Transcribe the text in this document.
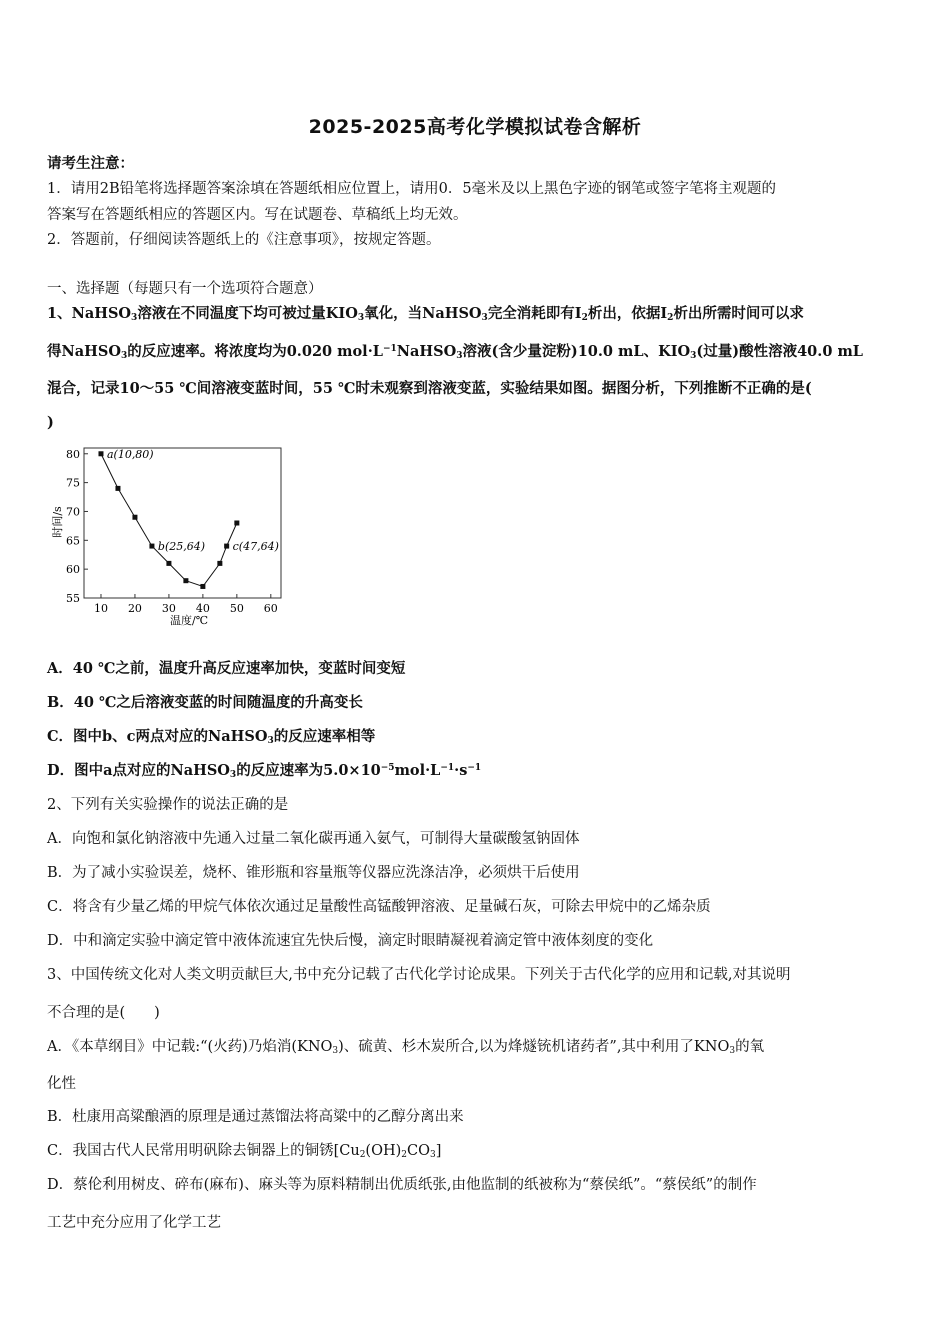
2025-2025高考化学模拟试卷含解析
请考生注意：
1．请用2B铅笔将选择题答案涂填在答题纸相应位置上，请用0．5毫米及以上黑色字迹的钢笔或签字笔将主观题的
答案写在答题纸相应的答题区内。写在试题卷、草稿纸上均无效。
2．答题前，仔细阅读答题纸上的《注意事项》，按规定答题。
一、选择题（每题只有一个选项符合题意）
1、NaHSO$_3$溶液在不同温度下均可被过量$KIO_3$氧化，当NaHSO$_3$完全消耗即有$I_2$析出，依据$I_2$析出所需时间可以求
得NaHSO$_3$的反应速率。将浓度均为0.020 $mol\cdot L^{-1}NaHSO_3$溶液(含少量淀粉)10.0 mL、$KIO_3$(过量)酸性溶液40.0 mL
混合，记录10～55 ℃间溶液变蓝时间，55 ℃时未观察到溶液变蓝，实验结果如图。据图分析，下列推断不正确的是(
)
55
60
65
70
75
80
10 20 30 40 50 60
a(10,80)
b(25,64)	c(47,64)
时间/s
温度/℃
A．40 ℃之前，温度升高反应速率加快，变蓝时间变短
B．40 ℃之后溶液变蓝的时间随温度的升高变长
C．图中b、c两点对应的NaHSO$_3$的反应速率相等
D．图中a点对应的NaHSO$_3$的反应速率为$5.0\times 10^{-5}mol\cdot L^{-1}\cdot s^{-1}$
2、下列有关实验操作的说法正确的是
A．向饱和氯化钠溶液中先通入过量二氧化碳再通入氨气，可制得大量碳酸氢钠固体
B．为了减小实验误差，烧杯、锥形瓶和容量瓶等仪器应洗涤洁净，必须烘干后使用
C．将含有少量乙烯的甲烷气体依次通过足量酸性高锰酸钾溶液、足量碱石灰，可除去甲烷中的乙烯杂质
D．中和滴定实验中滴定管中液体流速宜先快后慢，滴定时眼睛凝视着滴定管中液体刻度的变化
3、中国传统文化对人类文明贡献巨大,书中充分记载了古代化学讨论成果。下列关于古代化学的应用和记载,对其说明
不合理的是(　　)
A．《本草纲目》中记载:“(火药)乃焰消$(KNO_3)$、硫黄、杉木炭所合,以为烽燧铳机诸药者”,其中利用了$KNO_3$的氧
化性
B．杜康用高粱酿酒的原理是通过蒸馏法将高粱中的乙醇分离出来
C．我国古代人民常用明矾除去铜器上的铜锈$[Cu_2(OH)_2CO_3]$
D．蔡伦利用树皮、碎布(麻布)、麻头等为原料精制出优质纸张,由他监制的纸被称为“蔡侯纸”。“蔡侯纸”的制作
工艺中充分应用了化学工艺
